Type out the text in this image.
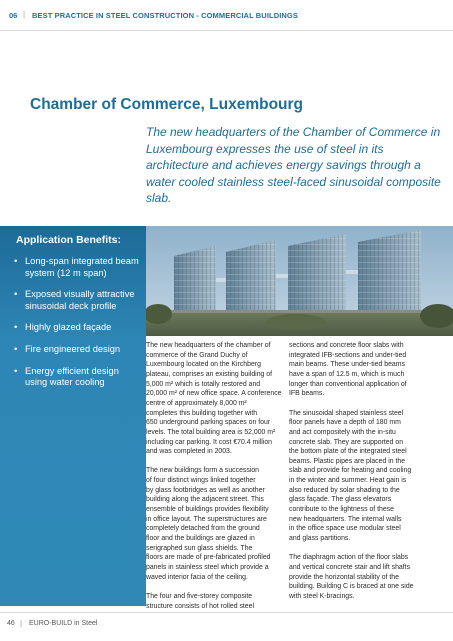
06 | BEST PRACTICE IN STEEL CONSTRUCTION - COMMERCIAL BUILDINGS
Chamber of Commerce, Luxembourg
The new headquarters of the Chamber of Commerce in Luxembourg expresses the use of steel in its architecture and achieves energy savings through a water cooled stainless steel-faced sinusoidal composite slab.
Application Benefits:
• Long-span integrated beam system (12 m span)
• Exposed visually attractive sinusoidal deck profile
• Highly glazed façade
• Fire engineered design
• Energy efficient design using water cooling

The new headquarters of the chamber of
commerce of the Grand Duchy of
Luxembourg located on the Kirchberg
plateau, comprises an existing building of
5,000 m² which is totally restored and
20,000 m² of new office space. A conference
centre of approximately 8,000 m²
completes this building together with
650 underground parking spaces on four
levels. The total building area is 52,000 m²
including car parking. It cost €70.4 million
and was completed in 2003.

The new buildings form a succession
of four distinct wings linked together
by glass footbridges as well as another
building along the adjacent street. This
ensemble of buildings provides flexibility
in office layout. The superstructures are
completely detached from the ground
floor and the buildings are glazed in
serigraphed sun glass shields. The
floors are made of pre-fabricated profiled
panels in stainless steel which provide a
waved interior facia of the ceiling.

The four and five-storey composite
structure consists of hot rolled steel

sections and concrete floor slabs with
integrated IFB-sections and under-tied
main beams. These under-tied beams
have a span of 12.5 m, which is much
longer than conventional application of
IFB beams.

The sinusoidal shaped stainless steel
floor panels have a depth of 180 mm
and act compositely with the in-situ
concrete slab. They are supported on
the bottom plate of the integrated steel
beams. Plastic pipes are placed in the
slab and provide for heating and cooling
in the winter and summer. Heat gain is
also reduced by solar shading to the
glass façade. The glass elevators
contribute to the lightness of these
new headquarters. The internal walls
in the office space use modular steel
and glass partitions.

The diaphragm action of the floor slabs
and vertical concrete stair and lift shafts
provide the horizontal stability of the
building. Building C is braced at one side
with steel K-bracings.

46 | EURO-BUILD in Steel
